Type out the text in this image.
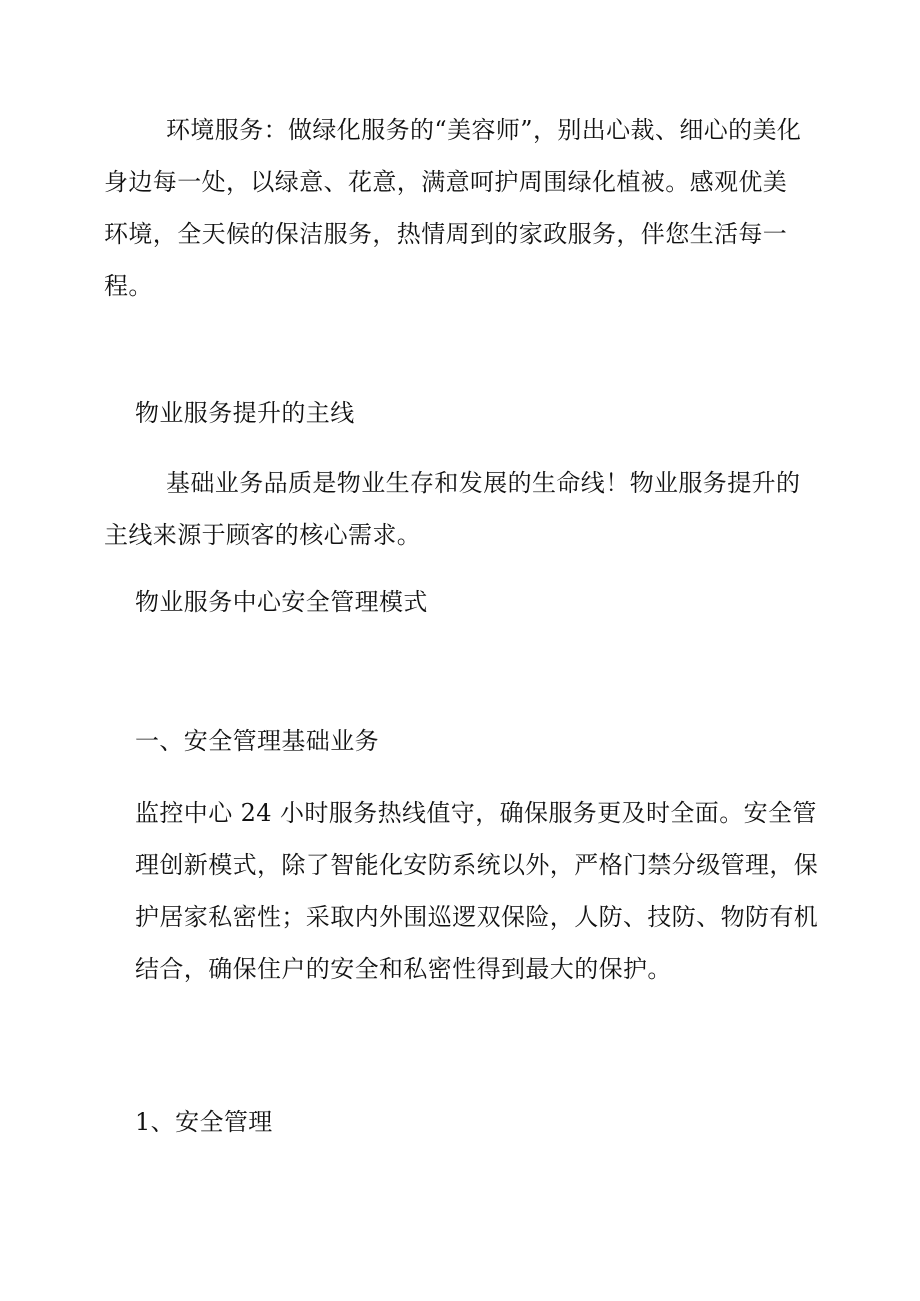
环境服务：做绿化服务的“美容师”，别出心裁、细心的美化
身边每一处，以绿意、花意，满意呵护周围绿化植被。感观优美
环境，全天候的保洁服务，热情周到的家政服务，伴您生活每一
程。

物业服务提升的主线

基础业务品质是物业生存和发展的生命线！物业服务提升的
主线来源于顾客的核心需求。

物业服务中心安全管理模式

一、安全管理基础业务

监控中心 24 小时服务热线值守，确保服务更及时全面。安全管
理创新模式，除了智能化安防系统以外，严格门禁分级管理，保
护居家私密性；采取内外围巡逻双保险，人防、技防、物防有机
结合，确保住户的安全和私密性得到最大的保护。

1、安全管理
